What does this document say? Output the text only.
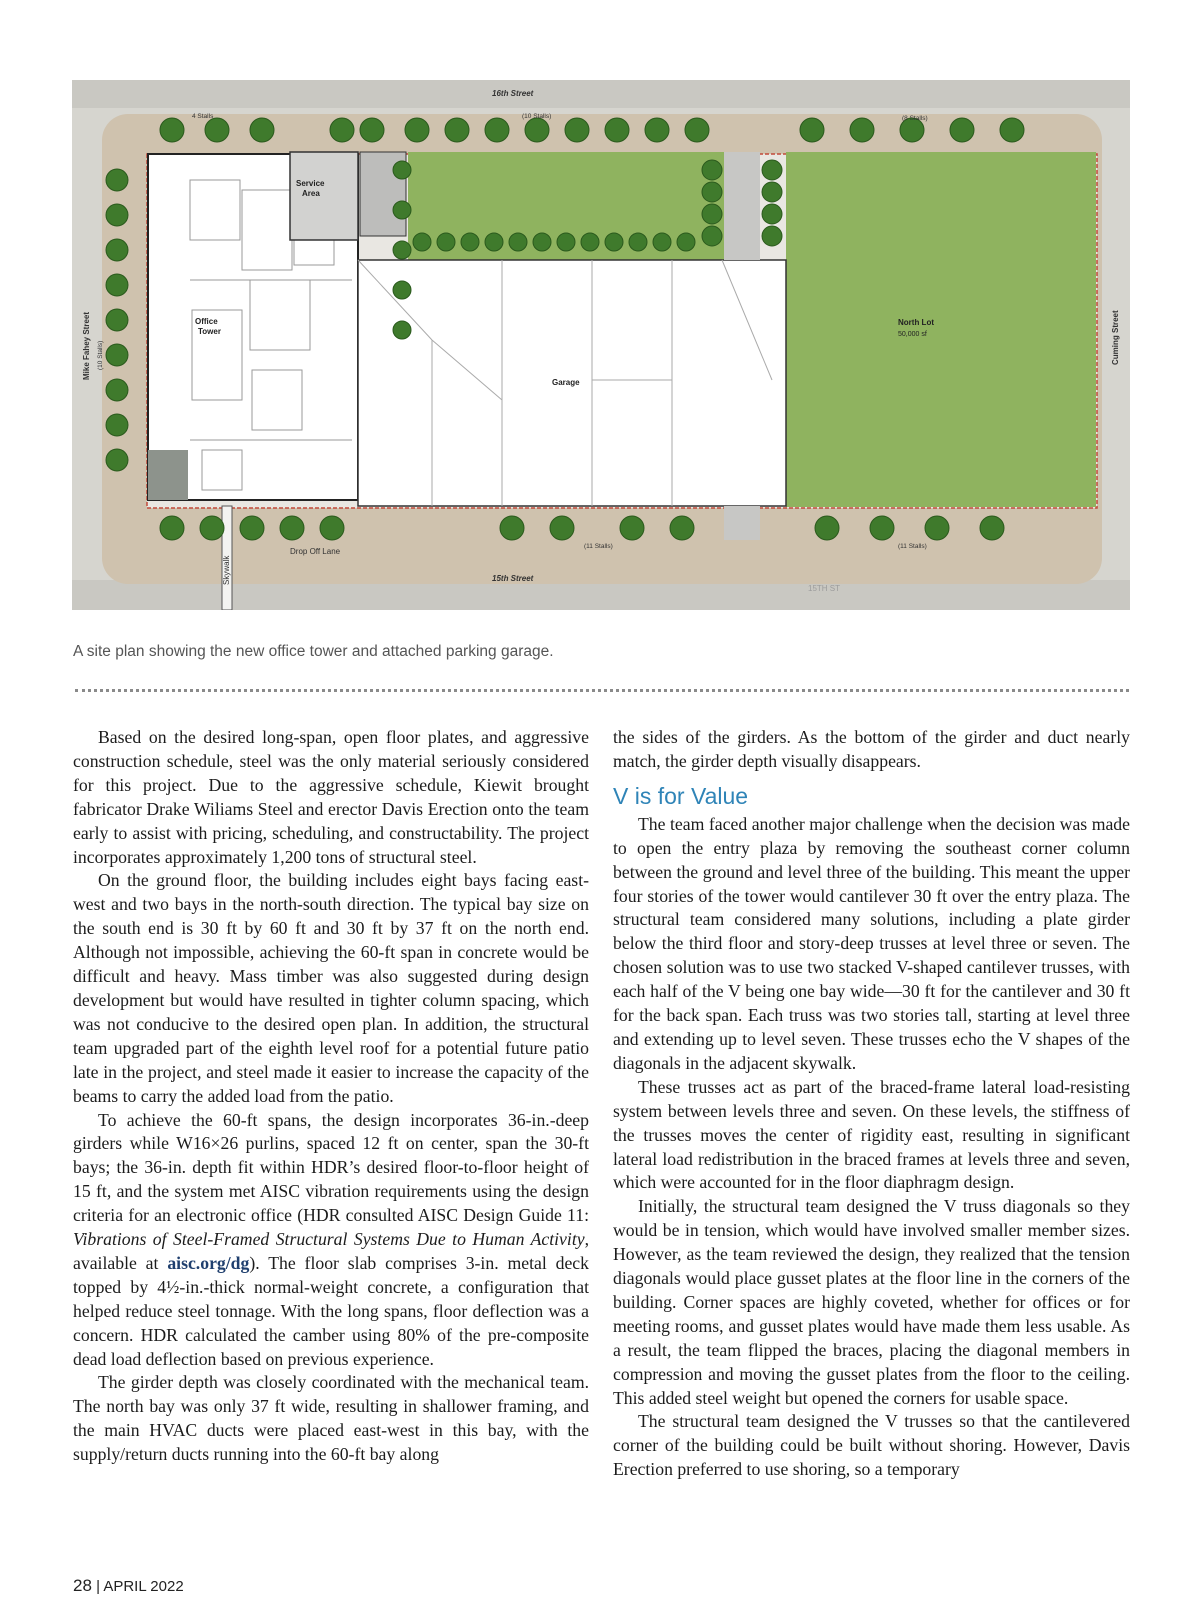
16th Street
15th Street
15TH ST
Mike Fahey Street	Cuming Street
Office
Tower
Service
Area
Garage
North Lot
50,000 sf
Drop Off Lane
Skywalk
4 Stalls	(10 Stalls)	(8 Stalls)
(10 Stalls)
(11 Stalls)	(11 Stalls)
A site plan showing the new office tower and attached parking garage.

Based on the desired long-span, open floor plates, and aggressive construction schedule, steel was the only material seriously considered for this project. Due to the aggressive schedule, Kiewit brought fabricator Drake Wiliams Steel and erector Davis Erection onto the team early to assist with pricing, scheduling, and constructability. The project incorporates approximately 1,200 tons of structural steel.

On the ground floor, the building includes eight bays facing east-west and two bays in the north-south direction. The typical bay size on the south end is 30 ft by 60 ft and 30 ft by 37 ft on the north end. Although not impossible, achieving the 60-ft span in concrete would be difficult and heavy. Mass timber was also suggested during design development but would have resulted in tighter column spacing, which was not conducive to the desired open plan. In addition, the structural team upgraded part of the eighth level roof for a potential future patio late in the project, and steel made it easier to increase the capacity of the beams to carry the added load from the patio.

To achieve the 60-ft spans, the design incorporates 36-in.-deep girders while W16×26 purlins, spaced 12 ft on center, span the 30-ft bays; the 36-in. depth fit within HDR’s desired floor-to-floor height of 15 ft, and the system met AISC vibration requirements using the design criteria for an electronic office (HDR consulted AISC Design Guide 11: Vibrations of Steel-Framed Structural Systems Due to Human Activity, available at aisc.org/dg). The floor slab comprises 3-in. metal deck topped by 4½-in.-thick normal-weight concrete, a configuration that helped reduce steel tonnage. With the long spans, floor deflection was a concern. HDR calculated the camber using 80% of the pre-composite dead load deflection based on previous experience.

The girder depth was closely coordinated with the mechanical team. The north bay was only 37 ft wide, resulting in shallower framing, and the main HVAC ducts were placed east-west in this bay, with the supply/return ducts running into the 60-ft bay along

the sides of the girders. As the bottom of the girder and duct nearly match, the girder depth visually disappears.

V is for Value

The team faced another major challenge when the decision was made to open the entry plaza by removing the southeast corner column between the ground and level three of the building. This meant the upper four stories of the tower would cantilever 30 ft over the entry plaza. The structural team considered many solutions, including a plate girder below the third floor and story-deep trusses at level three or seven. The chosen solution was to use two stacked V-shaped cantilever trusses, with each half of the V being one bay wide—30 ft for the cantilever and 30 ft for the back span. Each truss was two stories tall, starting at level three and extending up to level seven. These trusses echo the V shapes of the diagonals in the adjacent skywalk.

These trusses act as part of the braced-frame lateral load-resisting system between levels three and seven. On these levels, the stiffness of the trusses moves the center of rigidity east, resulting in significant lateral load redistribution in the braced frames at levels three and seven, which were accounted for in the floor diaphragm design.

Initially, the structural team designed the V truss diagonals so they would be in tension, which would have involved smaller member sizes. However, as the team reviewed the design, they realized that the tension diagonals would place gusset plates at the floor line in the corners of the building. Corner spaces are highly coveted, whether for offices or for meeting rooms, and gusset plates would have made them less usable. As a result, the team flipped the braces, placing the diagonal members in compression and moving the gusset plates from the floor to the ceiling. This added steel weight but opened the corners for usable space.

The structural team designed the V trusses so that the cantilevered corner of the building could be built without shoring. However, Davis Erection preferred to use shoring, so a temporary

28 | APRIL 2022
